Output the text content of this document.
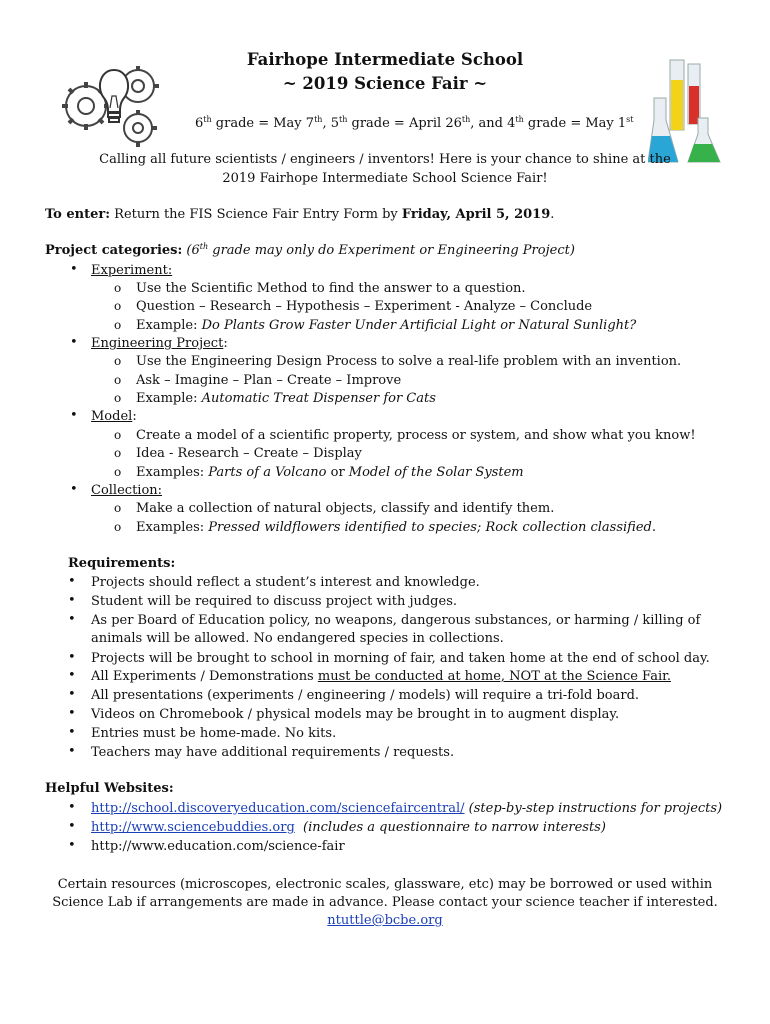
Fairhope Intermediate School
~ 2019 Science Fair ~
6th grade = May 7th, 5th grade = April 26th, and 4th grade = May 1st
Calling all future scientists / engineers / inventors! Here is your chance to shine at the
2019 Fairhope Intermediate School Science Fair!
To enter: Return the FIS Science Fair Entry Form by Friday, April 5, 2019.
Project categories: (6th grade may only do Experiment or Engineering Project)
• Experiment:
o Use the Scientific Method to find the answer to a question.
o Question – Research – Hypothesis – Experiment - Analyze – Conclude
o Example: Do Plants Grow Faster Under Artificial Light or Natural Sunlight?
• Engineering Project:
o Use the Engineering Design Process to solve a real-life problem with an invention.
o Ask – Imagine – Plan – Create – Improve
o Example: Automatic Treat Dispenser for Cats
• Model:
o Create a model of a scientific property, process or system, and show what you know!
o Idea - Research – Create – Display
o Examples: Parts of a Volcano or Model of the Solar System
• Collection:
o Make a collection of natural objects, classify and identify them.
o Examples: Pressed wildflowers identified to species; Rock collection classified.
Requirements:
• Projects should reflect a student’s interest and knowledge.
• Student will be required to discuss project with judges.
• As per Board of Education policy, no weapons, dangerous substances, or harming / killing of
animals will be allowed. No endangered species in collections.
• Projects will be brought to school in morning of fair, and taken home at the end of school day.
• All Experiments / Demonstrations must be conducted at home, NOT at the Science Fair.
• All presentations (experiments / engineering / models) will require a tri-fold board.
• Videos on Chromebook / physical models may be brought in to augment display.
• Entries must be home-made. No kits.
• Teachers may have additional requirements / requests.
Helpful Websites:
• http://school.discoveryeducation.com/sciencefaircentral/ (step-by-step instructions for projects)
• http://www.sciencebuddies.org (includes a questionnaire to narrow interests)
• http://www.education.com/science-fair
Certain resources (microscopes, electronic scales, glassware, etc) may be borrowed or used within
Science Lab if arrangements are made in advance. Please contact your science teacher if interested.
ntuttle@bcbe.org
